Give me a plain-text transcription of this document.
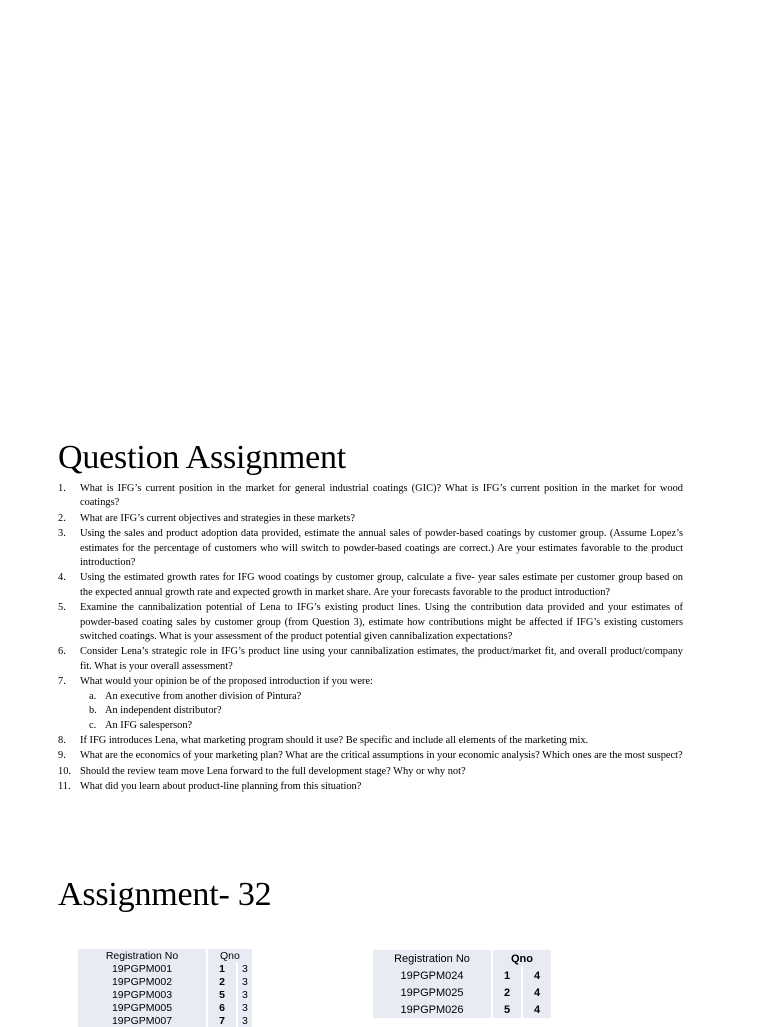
Question Assignment
1. What is IFG’s current position in the market for general industrial coatings (GIC)? What is IFG’s current position in the market for wood coatings?
2. What are IFG’s current objectives and strategies in these markets?
3. Using the sales and product adoption data provided, estimate the annual sales of powder-based coatings by customer group. (Assume Lopez’s estimates for the percentage of customers who will switch to powder-based coatings are correct.) Are your estimates favorable to the product introduction?
4. Using the estimated growth rates for IFG wood coatings by customer group, calculate a five- year sales estimate per customer group based on the expected annual growth rate and expected growth in market share. Are your forecasts favorable to the product introduction?
5. Examine the cannibalization potential of Lena to IFG’s existing product lines. Using the contribution data provided and your estimates of powder-based coating sales by customer group (from Question 3), estimate how contributions might be affected if IFG’s existing customers switched coatings. What is your assessment of the product potential given cannibalization expectations?
6. Consider Lena’s strategic role in IFG’s product line using your cannibalization estimates, the product/market fit, and overall product/company fit. What is your overall assessment?
7. What would your opinion be of the proposed introduction if you were:
a. An executive from another division of Pintura?
b. An independent distributor?
c. An IFG salesperson?
8. If IFG introduces Lena, what marketing program should it use? Be specific and include all elements of the marketing mix.
9. What are the economics of your marketing plan? What are the critical assumptions in your economic analysis? Which ones are the most suspect?
10. Should the review team move Lena forward to the full development stage? Why or why not?
11. What did you learn about product-line planning from this situation?
Assignment- 32
Registration No	Qno	
19PGPM001	1	3
19PGPM002	2	3
19PGPM003	5	3
19PGPM005	6	3
19PGPM007	7	3
Registration No	Qno	
19PGPM024	1	4
19PGPM025	2	4
19PGPM026	5	4
